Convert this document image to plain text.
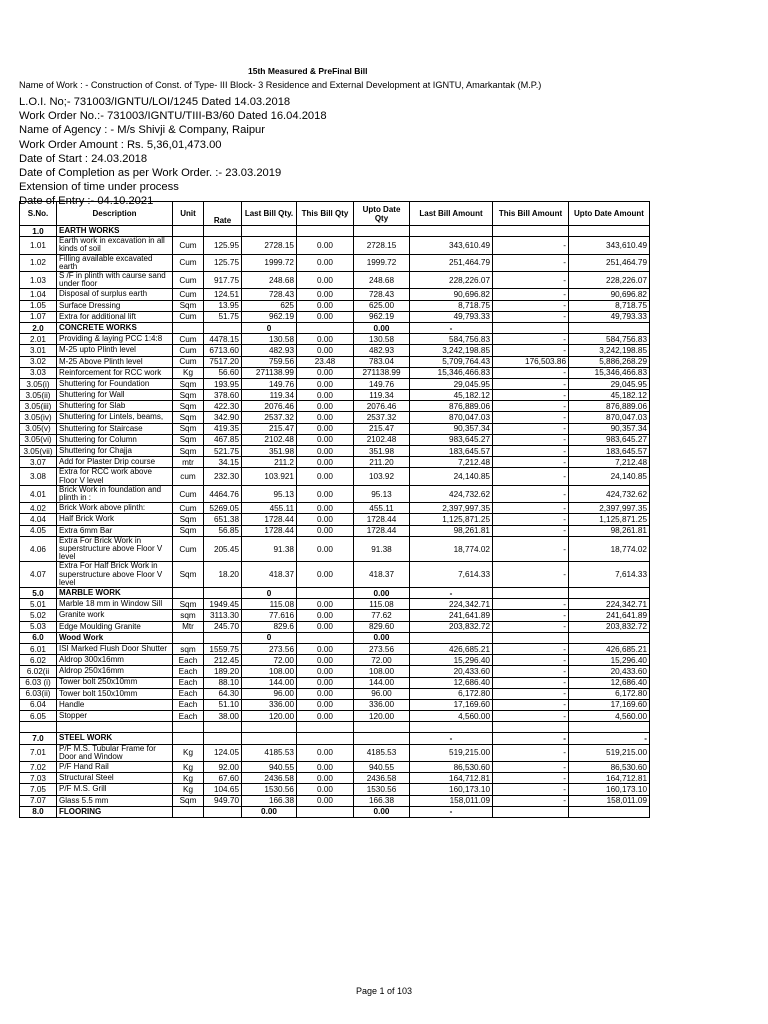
15th Measured & PreFinal Bill
Name of Work : - Construction of Const. of Type- III Block- 3 Residence and External Development at IGNTU, Amarkantak (M.P.)
L.O.I. No;- 731003/IGNTU/LOI/1245 Dated 14.03.2018
Work Order No.:- 731003/IGNTU/TIII-B3/60 Dated 16.04.2018
Name of Agency : - M/s Shivji & Company, Raipur
Work Order Amount : Rs. 5,36,01,473.00
Date of Start : 24.03.2018
Date of Completion as per Work Order. :- 23.03.2019
Extension of time under process
Date of Entry :- 04.10.2021
S.No.	Description	Unit	Rate	Last Bill Qty.	This Bill Qty	Upto Date Qty	Last Bill Amount	This Bill Amount	Upto Date Amount
1.0	EARTH WORKS								
1.01	Earth work in excavation in all kinds of soil	Cum	125.95	2728.15	0.00	2728.15	343,610.49	-	343,610.49
1.02	Filling available excavated earth	Cum	125.75	1999.72	0.00	1999.72	251,464.79	-	251,464.79
1.03	S /F in plinth with caurse sand under floor	Cum	917.75	248.68	0.00	248.68	228,226.07	-	228,226.07
1.04	Disposal of surplus earth	Cum	124.51	728.43	0.00	728.43	90,696.82	-	90,696.82
1.05	Surface Dressing	Sqm	13.95	625	0.00	625.00	8,718.75	-	8,718.75
1.07	Extra for additional lift	Cum	51.75	962.19	0.00	962.19	49,793.33	-	49,793.33
2.0	CONCRETE WORKS			0		0.00	-		
2.01	Providing & laying PCC 1:4:8	Cum	4478.15	130.58	0.00	130.58	584,756.83	-	584,756.83
3.01	M-25 upto Plinth level	Cum	6713.60	482.93	0.00	482.93	3,242,198.85	-	3,242,198.85
3.02	M-25 Above Plinth level	Cum	7517.20	759.56	23.48	783.04	5,709,764.43	176,503.86	5,886,268.29
3.03	Reinforcement for RCC work	Kg	56.60	271138.99	0.00	271138.99	15,346,466.83	-	15,346,466.83
3.05(i)	Shuttering for Foundation	Sqm	193.95	149.76	0.00	149.76	29,045.95	-	29,045.95
3.05(ii)	Shuttering for Wall	Sqm	378.60	119.34	0.00	119.34	45,182.12	-	45,182.12
3.05(iii)	Shuttering for Slab	Sqm	422.30	2076.46	0.00	2076.46	876,889.06	-	876,889.06
3.05(iv)	Shuttering for Lintels, beams,	Sqm	342.90	2537.32	0.00	2537.32	870,047.03	-	870,047.03
3.05(v)	Shuttering for Staircase	Sqm	419.35	215.47	0.00	215.47	90,357.34	-	90,357.34
3.05(vi)	Shuttering for Column	Sqm	467.85	2102.48	0.00	2102.48	983,645.27	-	983,645.27
3.05(vii)	Shuttering for Chajja	Sqm	521.75	351.98	0.00	351.98	183,645.57	-	183,645.57
3.07	Add for Plaster Drip course	mtr	34.15	211.2	0.00	211.20	7,212.48	-	7,212.48
3.08	Extra for RCC work above Floor V level	cum	232.30	103.921	0.00	103.92	24,140.85	-	24,140.85
4.01	Brick Work in foundation and plinth in :	Cum	4464.76	95.13	0.00	95.13	424,732.62	-	424,732.62
4.02	Brick Work above plinth:	Cum	5269.05	455.11	0.00	455.11	2,397,997.35	-	2,397,997.35
4.04	Half Brick Work	Sqm	651.38	1728.44	0.00	1728.44	1,125,871.25	-	1,125,871.25
4.05	Extra 6mm Bar	Sqm	56.85	1728.44	0.00	1728.44	98,261.81	-	98,261.81
4.06	Extra For Brick Work in superstructure above Floor V level	Cum	205.45	91.38	0.00	91.38	18,774.02	-	18,774.02
4.07	Extra For Half Brick Work in superstructure above Floor V level	Sqm	18.20	418.37	0.00	418.37	7,614.33	-	7,614.33
5.0	MARBLE WORK			0		0.00	-		
5.01	Marble 18 mm in Window Sill	Sqm	1949.45	115.08	0.00	115.08	224,342.71	-	224,342.71
5.02	Granite work	sqm	3113.30	77.616	0.00	77.62	241,641.89	-	241,641.89
5.03	Edge Moulding Granite	Mtr	245.70	829.6	0.00	829.60	203,832.72	-	203,832.72
6.0	Wood Work			0		0.00			
6.01	ISI Marked Flush Door Shutter	sqm	1559.75	273.56	0.00	273.56	426,685.21	-	426,685.21
6.02	Aldrop 300x16mm	Each	212.45	72.00	0.00	72.00	15,296.40	-	15,296.40
6.02(ii	Aldrop 250x16mm	Each	189.20	108.00	0.00	108.00	20,433.60	-	20,433.60
6.03 (i)	Tower bolt 250x10mm	Each	88.10	144.00	0.00	144.00	12,686.40	-	12,686.40
6.03(ii)	Tower bolt 150x10mm	Each	64.30	96.00	0.00	96.00	6,172.80	-	6,172.80
6.04	Handle	Each	51.10	336.00	0.00	336.00	17,169.60	-	17,169.60
6.05	Stopper	Each	38.00	120.00	0.00	120.00	4,560.00	-	4,560.00

7.0	STEEL WORK						-	-	-
7.01	P/F M.S. Tubular Frame for Door and Window	Kg	124.05	4185.53	0.00	4185.53	519,215.00	-	519,215.00
7.02	P/F Hand Rail	Kg	92.00	940.55	0.00	940.55	86,530.60	-	86,530.60
7.03	Structural Steel	Kg	67.60	2436.58	0.00	2436.58	164,712.81	-	164,712.81
7.05	P/F M.S. Grill	Kg	104.65	1530.56	0.00	1530.56	160,173.10	-	160,173.10
7.07	Glass 5.5 mm	Sqm	949.70	166.38	0.00	166.38	158,011.09	-	158,011.09
8.0	FLOORING			0.00		0.00	-		
Page 1 of 103
